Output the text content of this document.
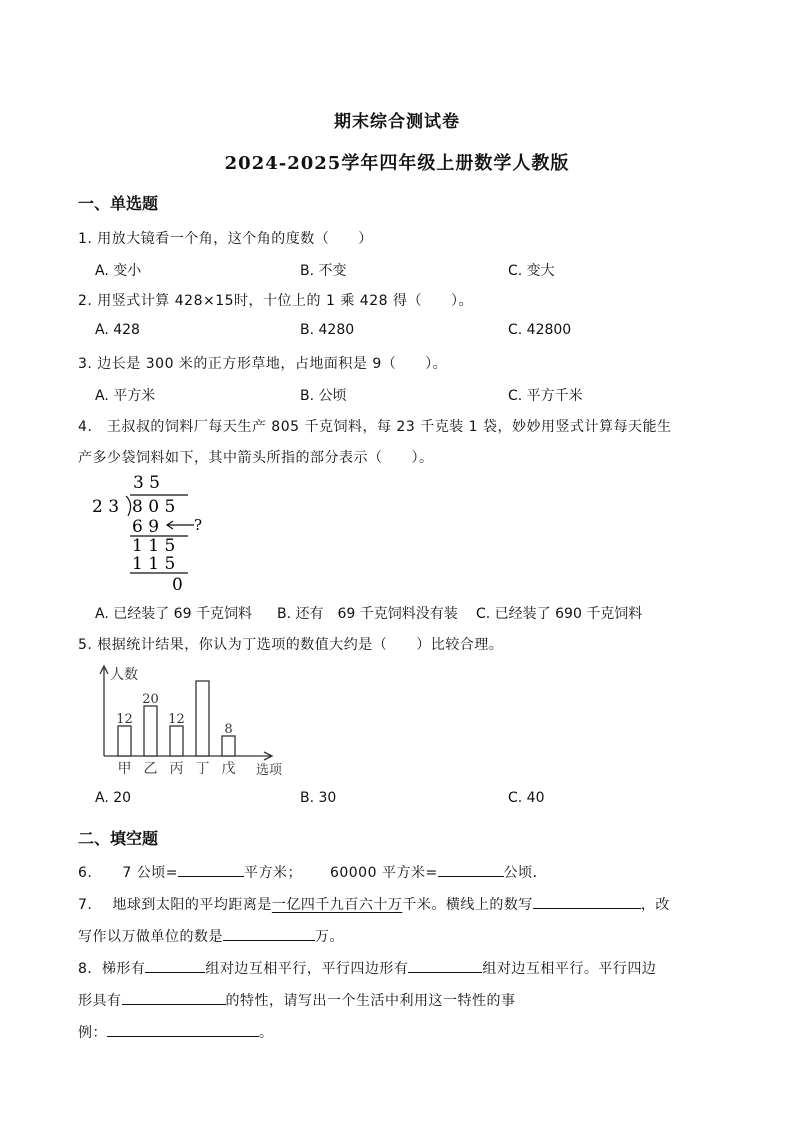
期末综合测试卷
2024-2025学年四年级上册数学人教版
一、单选题
1. 用放大镜看一个角，这个角的度数（　　）
A. 变小	B. 不变	C. 变大
2. 用竖式计算 428×15时，十位上的 1 乘 428 得（　　）。
A. 428	B. 4280	C. 42800
3. 边长是 300 米的正方形草地，占地面积是 9（　　）。
A. 平方米	B. 公顷	C. 平方千米
4.　王叔叔的饲料厂每天生产 805 千克饲料，每 23 千克装 1 袋，妙妙用竖式计算每天能生
产多少袋饲料如下，其中箭头所指的部分表示（　　）。
3 5
2 3 8 0 5
6 9 ?
1 1 5
1 1 5
0
A. 已经装了 69 千克饲料 B. 还有　69 千克饲料没有装 C. 已经装了 690 千克饲料
5. 根据统计结果，你认为丁选项的数值大约是（　　）比较合理。
人数
选项
12
甲
20
乙
12
丙 丁
8
戊
A. 20	B. 30	C. 40
二、填空题
6. 7 公顷=	平方米； 60000 平方米=	公顷．
7. 地球到太阳的平均距离是一亿四千九百六十万千米。横线上的数写	，改
写作以万做单位的数是	万。
8．梯形有	组对边互相平行，平行四边形有	组对边互相平行。平行四边
形具有	的特性，请写出一个生活中利用这一特性的事
例：	。
